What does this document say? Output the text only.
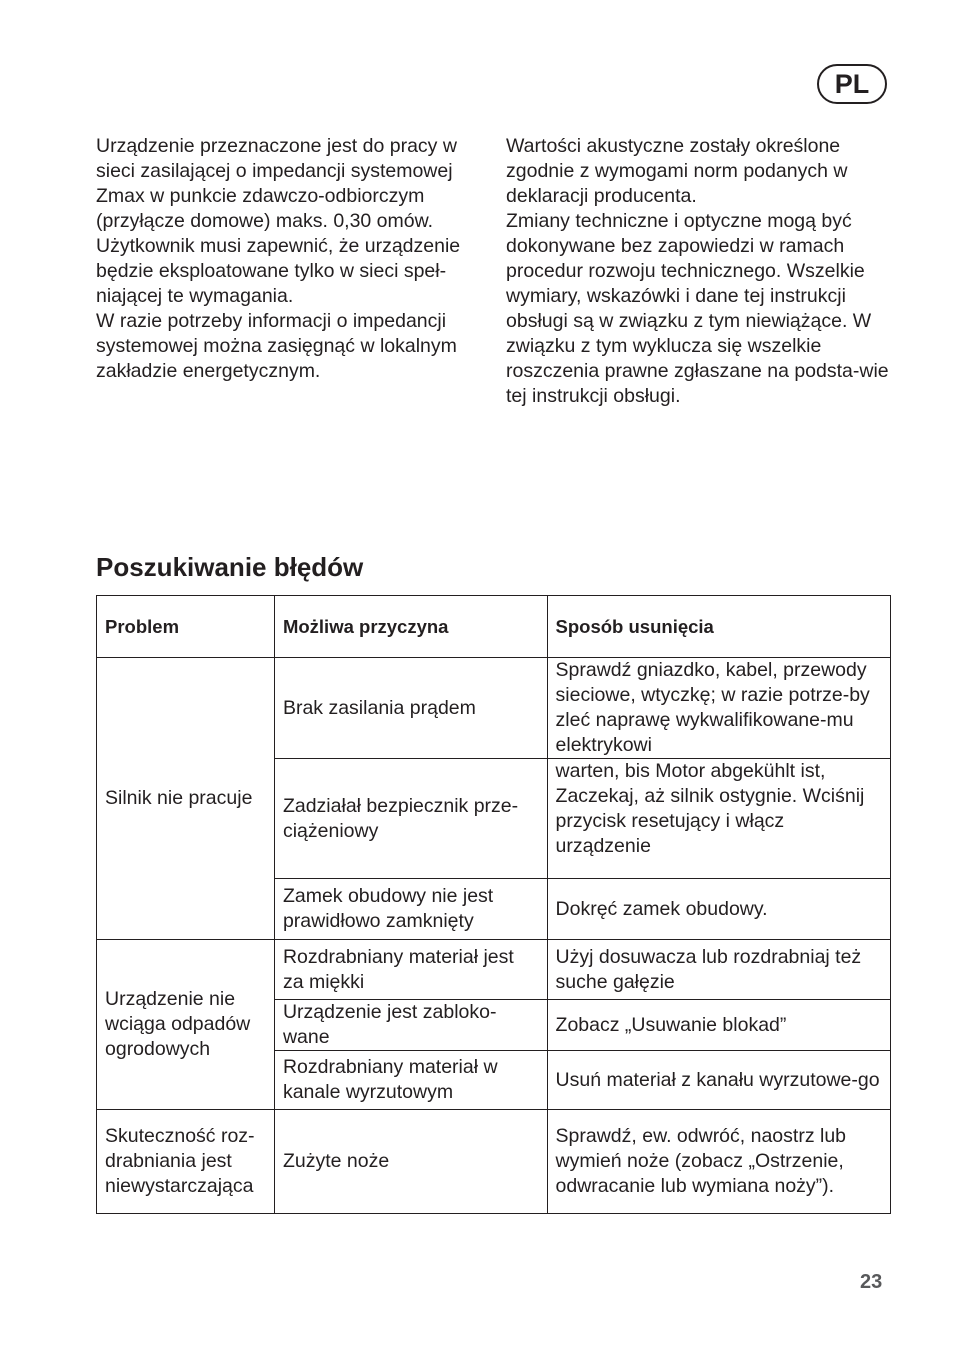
PL

Urządzenie przeznaczone jest do pracy w sieci zasilającej o impedancji systemowej Zmax w punkcie zdawczo-odbiorczym (przyłącze domowe) maks. 0,30 omów. Użytkownik musi zapewnić, że urządzenie będzie eksploatowane tylko w sieci speł-niającej te wymagania.

W razie potrzeby informacji o impedancji systemowej można zasięgnąć w lokalnym zakładzie energetycznym.

Wartości akustyczne zostały określone zgodnie z wymogami norm podanych w deklaracji producenta.

Zmiany techniczne i optyczne mogą być dokonywane bez zapowiedzi w ramach procedur rozwoju technicznego. Wszelkie wymiary, wskazówki i dane tej instrukcji obsługi są w związku z tym niewiążące. W związku z tym wyklucza się wszelkie roszczenia prawne zgłaszane na podsta-wie tej instrukcji obsługi.

Poszukiwanie błędów
Problem	Możliwa przyczyna	Sposób usunięcia
Silnik nie pracuje	Brak zasilania prądem	Sprawdź gniazdko, kabel, przewody sieciowe, wtyczkę; w razie potrze-by zleć naprawę wykwalifikowane-mu elektrykowi
	Zadziałał bezpiecznik prze-ciążeniowy	warten, bis Motor abgekühlt ist, Zaczekaj, aż silnik ostygnie. Wciśnij przycisk resetujący i włącz urządzenie
	Zamek obudowy nie jest prawidłowo zamknięty	Dokręć zamek obudowy.
Urządzenie nie wciąga odpadów ogrodowych	Rozdrabniany materiał jest za miękki	Użyj dosuwacza lub rozdrabniaj też suche gałęzie
	Urządzenie jest zabloko-wane	Zobacz „Usuwanie blokad”
	Rozdrabniany materiał w kanale wyrzutowym	Usuń materiał z kanału wyrzutowe-go
Skuteczność roz-drabniania jest niewystarczająca	Zużyte noże	Sprawdź, ew. odwróć, naostrz lub wymień noże (zobacz „Ostrzenie, odwracanie lub wymiana noży”).
23
